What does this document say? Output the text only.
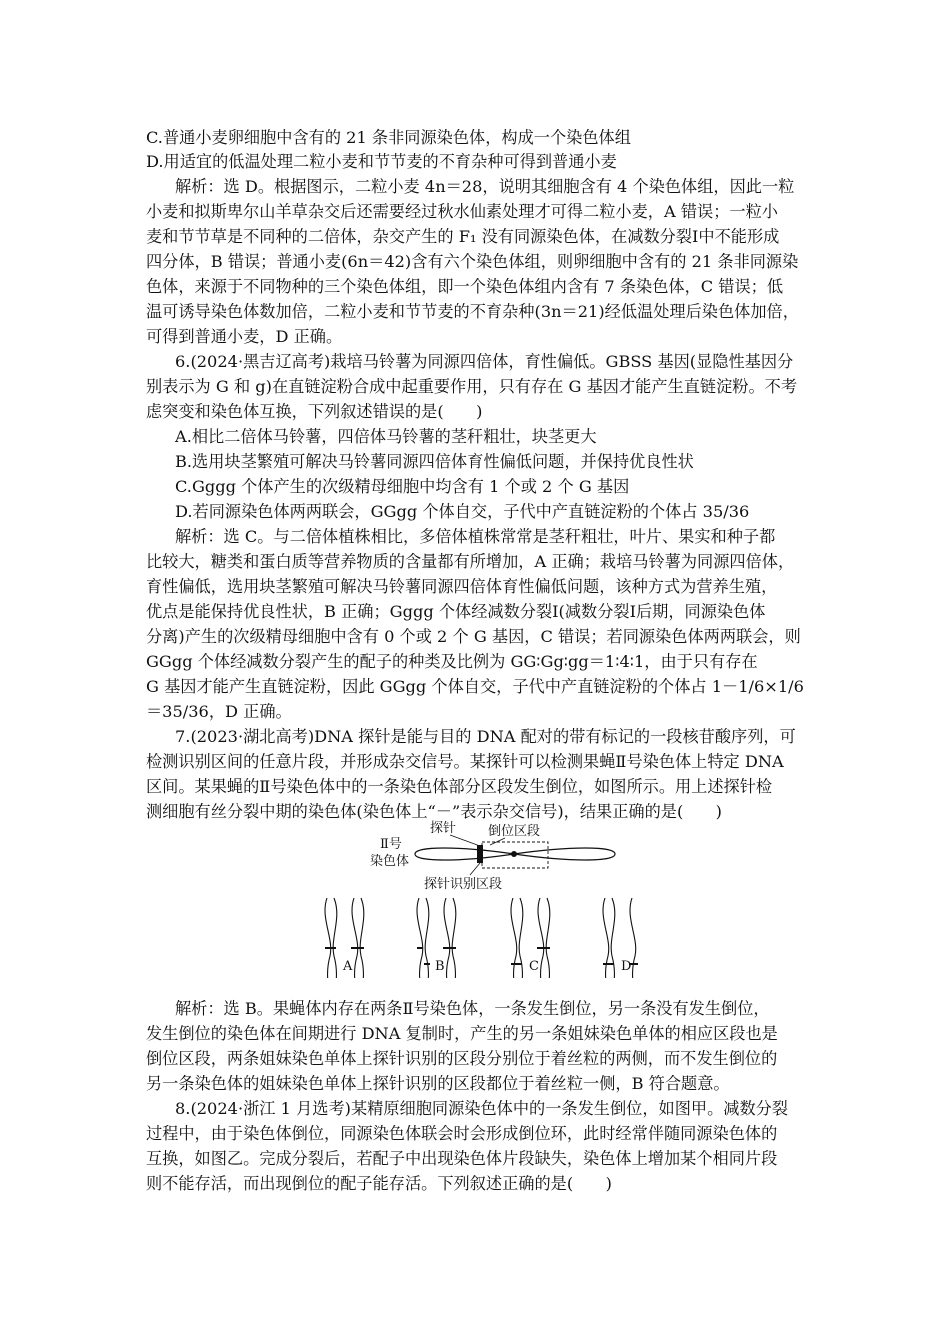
C.普通小麦卵细胞中含有的 21 条非同源染色体，构成一个染色体组
D.用适宜的低温处理二粒小麦和节节麦的不育杂种可得到普通小麦
解析：选 D。根据图示，二粒小麦 4n＝28，说明其细胞含有 4 个染色体组，因此一粒
小麦和拟斯卑尔山羊草杂交后还需要经过秋水仙素处理才可得二粒小麦，A 错误；一粒小
麦和节节草是不同种的二倍体，杂交产生的 F₁ 没有同源染色体，在减数分裂Ⅰ中不能形成
四分体，B 错误；普通小麦(6n＝42)含有六个染色体组，则卵细胞中含有的 21 条非同源染
色体，来源于不同物种的三个染色体组，即一个染色体组内含有 7 条染色体，C 错误；低
温可诱导染色体数加倍，二粒小麦和节节麦的不育杂种(3n＝21)经低温处理后染色体加倍，
可得到普通小麦，D 正确。
6.(2024·黑吉辽高考)栽培马铃薯为同源四倍体，育性偏低。GBSS 基因(显隐性基因分
别表示为 G 和 g)在直链淀粉合成中起重要作用，只有存在 G 基因才能产生直链淀粉。不考
虑突变和染色体互换，下列叙述错误的是(　　)
A.相比二倍体马铃薯，四倍体马铃薯的茎秆粗壮，块茎更大
B.选用块茎繁殖可解决马铃薯同源四倍体育性偏低问题，并保持优良性状
C.Gggg 个体产生的次级精母细胞中均含有 1 个或 2 个 G 基因
D.若同源染色体两两联会，GGgg 个体自交，子代中产直链淀粉的个体占 35/36
解析：选 C。与二倍体植株相比，多倍体植株常常是茎秆粗壮，叶片、果实和种子都
比较大，糖类和蛋白质等营养物质的含量都有所增加，A 正确；栽培马铃薯为同源四倍体，
育性偏低，选用块茎繁殖可解决马铃薯同源四倍体育性偏低问题，该种方式为营养生殖，
优点是能保持优良性状，B 正确；Gggg 个体经减数分裂Ⅰ(减数分裂Ⅰ后期，同源染色体
分离)产生的次级精母细胞中含有 0 个或 2 个 G 基因，C 错误；若同源染色体两两联会，则
GGgg 个体经减数分裂产生的配子的种类及比例为 GG∶Gg∶gg＝1∶4∶1，由于只有存在
G 基因才能产生直链淀粉，因此 GGgg 个体自交，子代中产直链淀粉的个体占 1－1/6×1/6
＝35/36，D 正确。
7.(2023·湖北高考)DNA 探针是能与目的 DNA 配对的带有标记的一段核苷酸序列，可
检测识别区间的任意片段，并形成杂交信号。某探针可以检测果蝇Ⅱ号染色体上特定 DNA
区间。某果蝇的Ⅱ号染色体中的一条染色体部分区段发生倒位，如图所示。用上述探针检
测细胞有丝分裂中期的染色体(染色体上“－”表示杂交信号)，结果正确的是(　　)
Ⅱ号
染色体
探针 倒位区段
探针识别区段
A	B	C	D
解析：选 B。果蝇体内存在两条Ⅱ号染色体，一条发生倒位，另一条没有发生倒位，
发生倒位的染色体在间期进行 DNA 复制时，产生的另一条姐妹染色单体的相应区段也是
倒位区段，两条姐妹染色单体上探针识别的区段分别位于着丝粒的两侧，而不发生倒位的
另一条染色体的姐妹染色单体上探针识别的区段都位于着丝粒一侧，B 符合题意。
8.(2024·浙江 1 月选考)某精原细胞同源染色体中的一条发生倒位，如图甲。减数分裂
过程中，由于染色体倒位，同源染色体联会时会形成倒位环，此时经常伴随同源染色体的
互换，如图乙。完成分裂后，若配子中出现染色体片段缺失，染色体上增加某个相同片段
则不能存活，而出现倒位的配子能存活。下列叙述正确的是(　　)
